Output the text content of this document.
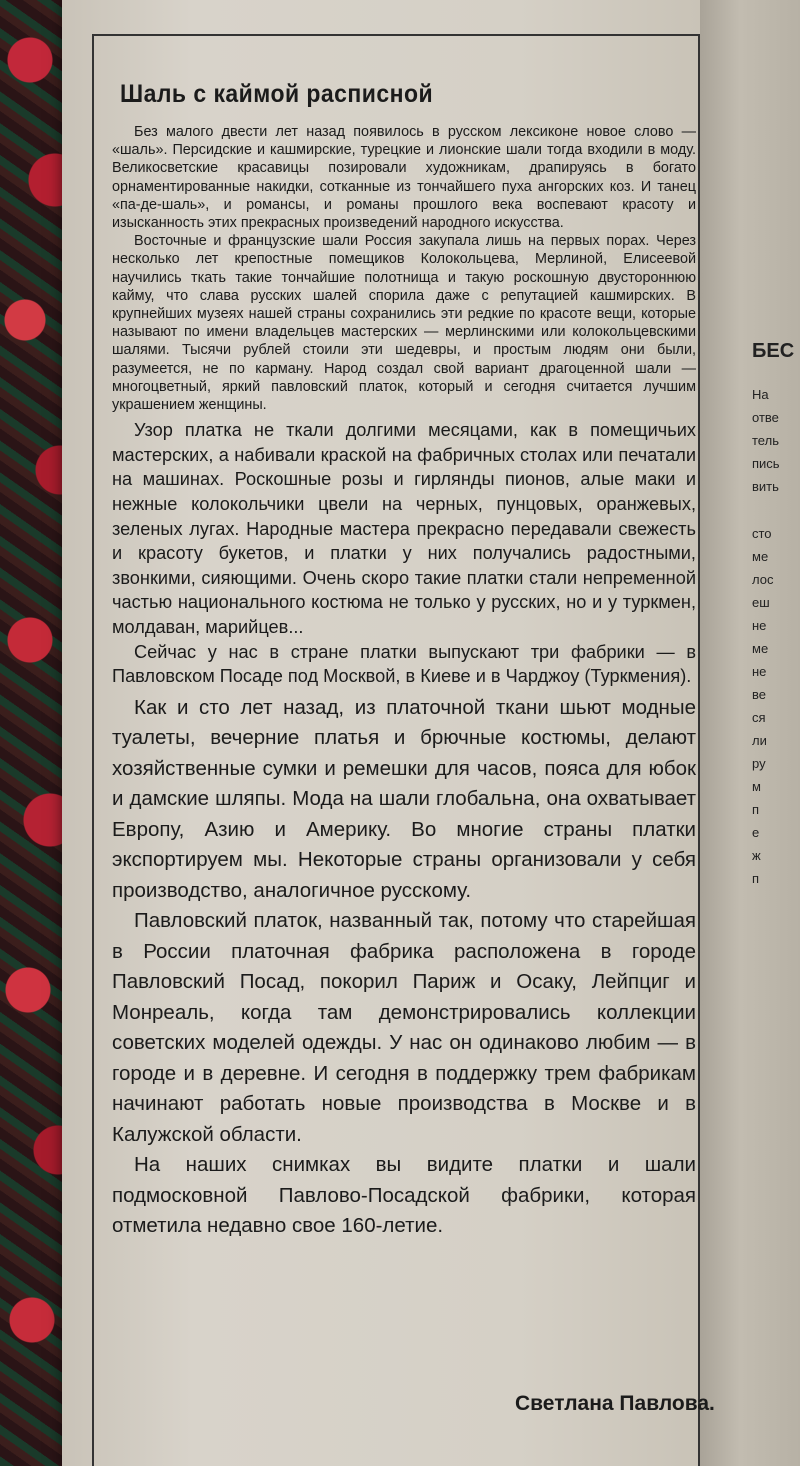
Шаль с каймой расписной

Без малого двести лет назад появилось в русском лексиконе новое слово — «шаль». Персидские и кашмирские, турецкие и лионские шали тогда входили в моду. Великосветские красавицы позировали художникам, драпируясь в богато орнаментированные накидки, сотканные из тончайшего пуха ангорских коз. И танец «па-де-шаль», и романсы, и романы прошлого века воспевают красоту и изысканность этих прекрасных произведений народного искусства.

Восточные и французские шали Россия закупала лишь на первых порах. Через несколько лет крепостные помещиков Колокольцева, Мерлиной, Елисеевой научились ткать такие тончайшие полотнища и такую роскошную двустороннюю кайму, что слава русских шалей спорила даже с репутацией кашмирских. В крупнейших музеях нашей страны сохранились эти редкие по красоте вещи, которые называют по имени владельцев мастерских — мерлинскими или колокольцевскими шалями. Тысячи рублей стоили эти шедевры, и простым людям они были, разумеется, не по карману. Народ создал свой вариант драгоценной шали — многоцветный, яркий павловский платок, который и сегодня считается лучшим украшением женщины.

Узор платка не ткали долгими месяцами, как в помещичьих мастерских, а набивали краской на фабричных столах или печатали на машинах. Роскошные розы и гирлянды пионов, алые маки и нежные колокольчики цвели на черных, пунцовых, оранжевых, зеленых лугах. Народные мастера прекрасно передавали свежесть и красоту букетов, и платки у них получались радостными, звонкими, сияющими. Очень скоро такие платки стали непременной частью национального костюма не только у русских, но и у туркмен, молдаван, марийцев...

Сейчас у нас в стране платки выпускают три фабрики — в Павловском Посаде под Москвой, в Киеве и в Чарджоу (Туркмения).

Как и сто лет назад, из платочной ткани шьют модные туалеты, вечерние платья и брючные костюмы, делают хозяйственные сумки и ремешки для часов, пояса для юбок и дамские шляпы. Мода на шали глобальна, она охватывает Европу, Азию и Америку. Во многие страны платки экспортируем мы. Некоторые страны организовали у себя производство, аналогичное русскому.

Павловский платок, названный так, потому что старейшая в России платочная фабрика расположена в городе Павловский Посад, покорил Париж и Осаку, Лейпциг и Монреаль, когда там демонстрировались коллекции советских моделей одежды. У нас он одинаково любим — в городе и в деревне. И сегодня в поддержку трем фабрикам начинают работать новые производства в Москве и в Калужской области.

На наших снимках вы видите платки и шали подмосковной Павлово-Посадской фабрики, которая отметила недавно свое 160-летие.

Светлана Павлова.
БЕС
На
отве
тель
пись
вить
сто
ме
лос
еш
не
ме
не
ве
ся
ли
ру
м
п
е
ж
п
